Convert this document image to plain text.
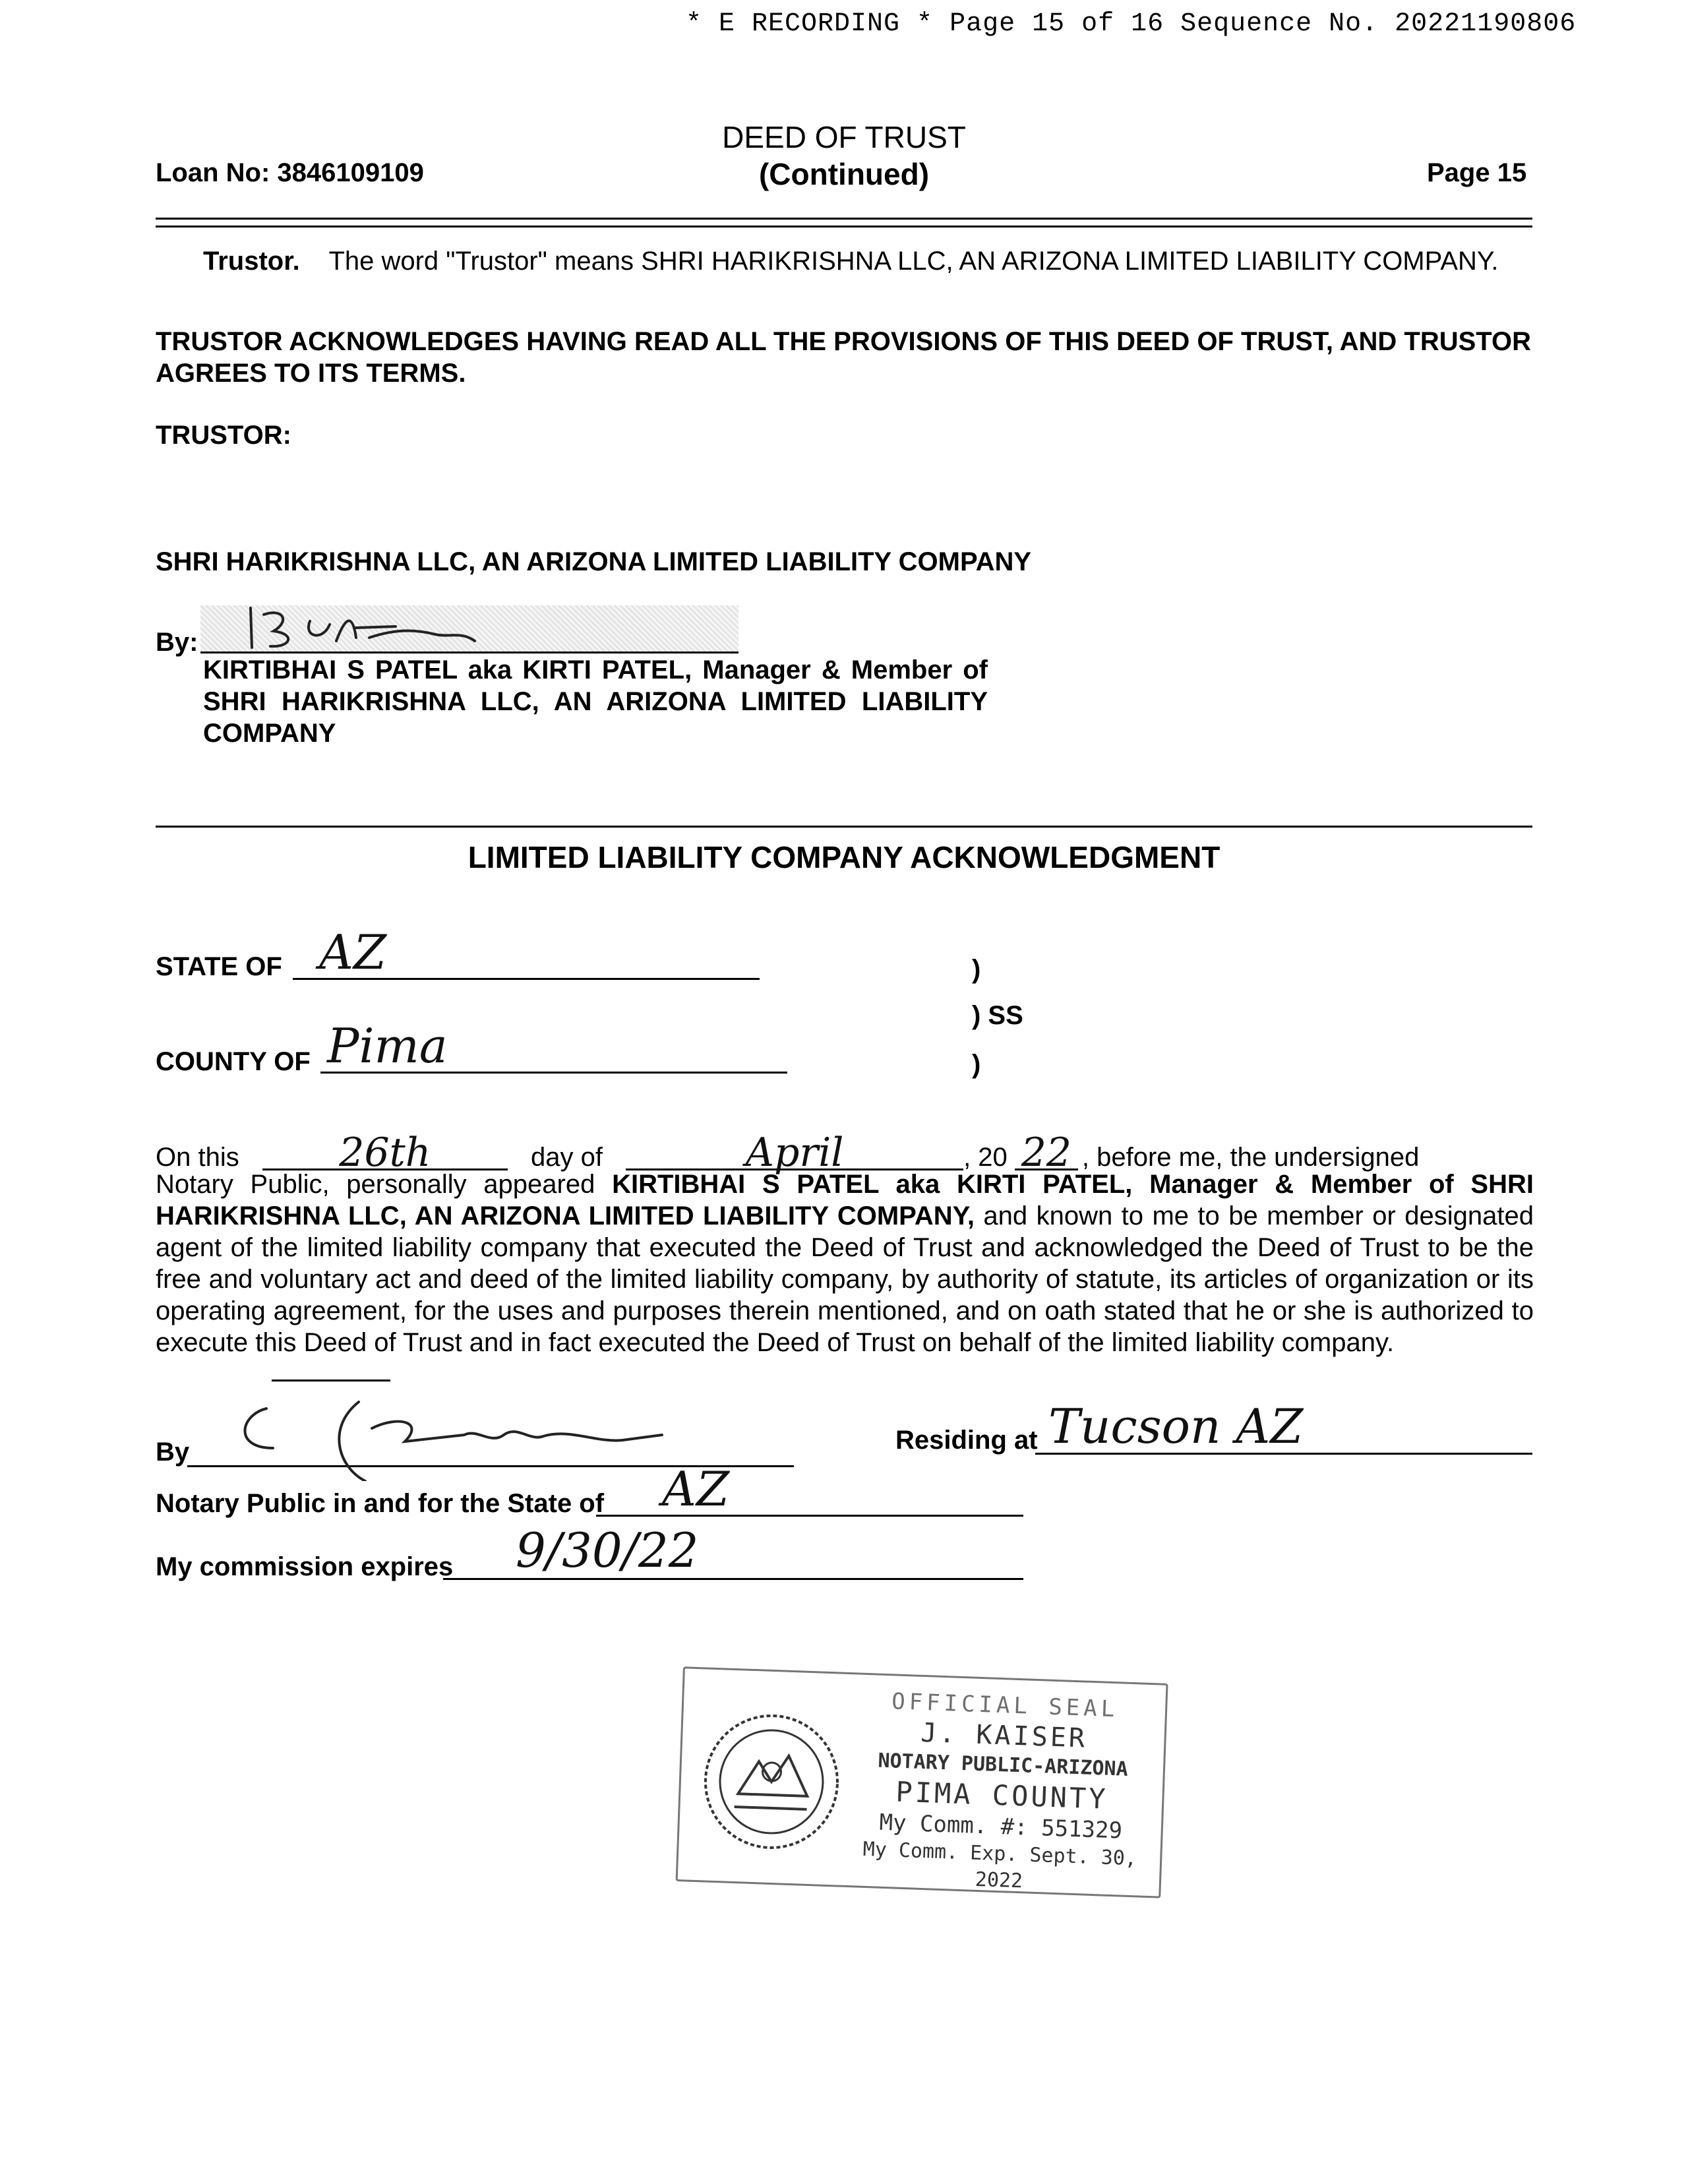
* E RECORDING * Page 15 of 16 Sequence No. 20221190806
Loan No: 3846109109
DEED OF TRUST
(Continued)	Page 15
Trustor. The word "Trustor" means SHRI HARIKRISHNA LLC, AN ARIZONA LIMITED LIABILITY COMPANY.
TRUSTOR ACKNOWLEDGES HAVING READ ALL THE PROVISIONS OF THIS DEED OF TRUST, AND TRUSTOR AGREES TO ITS TERMS.
TRUSTOR:
SHRI HARIKRISHNA LLC, AN ARIZONA LIMITED LIABILITY COMPANY
By:
KIRTIBHAI S PATEL aka KIRTI PATEL, Manager & Member of SHRI HARIKRISHNA LLC, AN ARIZONA LIMITED LIABILITY COMPANY
LIMITED LIABILITY COMPANY ACKNOWLEDGMENT
STATE OF AZ	)
) SS
)
COUNTY OF Pima
On this	26th	day of	April	, 20 22 , before me, the undersigned
Notary Public, personally appeared KIRTIBHAI S PATEL aka KIRTI PATEL, Manager & Member of SHRI HARIKRISHNA LLC, AN ARIZONA LIMITED LIABILITY COMPANY, and known to me to be member or designated agent of the limited liability company that executed the Deed of Trust and acknowledged the Deed of Trust to be the free and voluntary act and deed of the limited liability company, by authority of statute, its articles of organization or its operating agreement, for the uses and purposes therein mentioned, and on oath stated that he or she is authorized to execute this Deed of Trust and in fact executed the Deed of Trust on behalf of the limited liability company.
By	Residing at Tucson AZ
Notary Public in and for the State of	AZ
My commission expires	9/30/22
OFFICIAL SEAL
J. KAISER
NOTARY PUBLIC-ARIZONA
PIMA COUNTY
My Comm. #: 551329
My Comm. Exp. Sept. 30, 2022
